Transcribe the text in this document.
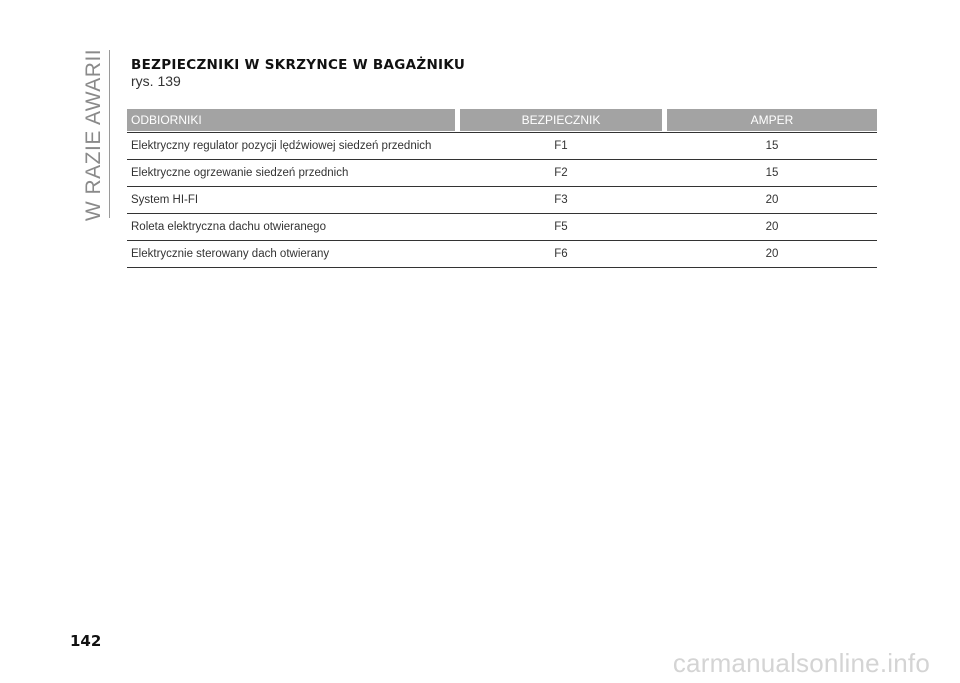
W RAZIE AWARII BEZPIECZNIKI W SKRZYNCE W BAGAŻNIKU
rys. 139
ODBIORNIKI	BEZPIECZNIK	AMPER
Elektryczny regulator pozycji lędźwiowej siedzeń przednich	F1	15
Elektryczne ogrzewanie siedzeń przednich	F2	15
System HI-FI	F3	20
Roleta elektryczna dachu otwieranego	F5	20
Elektrycznie sterowany dach otwierany	F6	20
142
carmanualsonline.info
